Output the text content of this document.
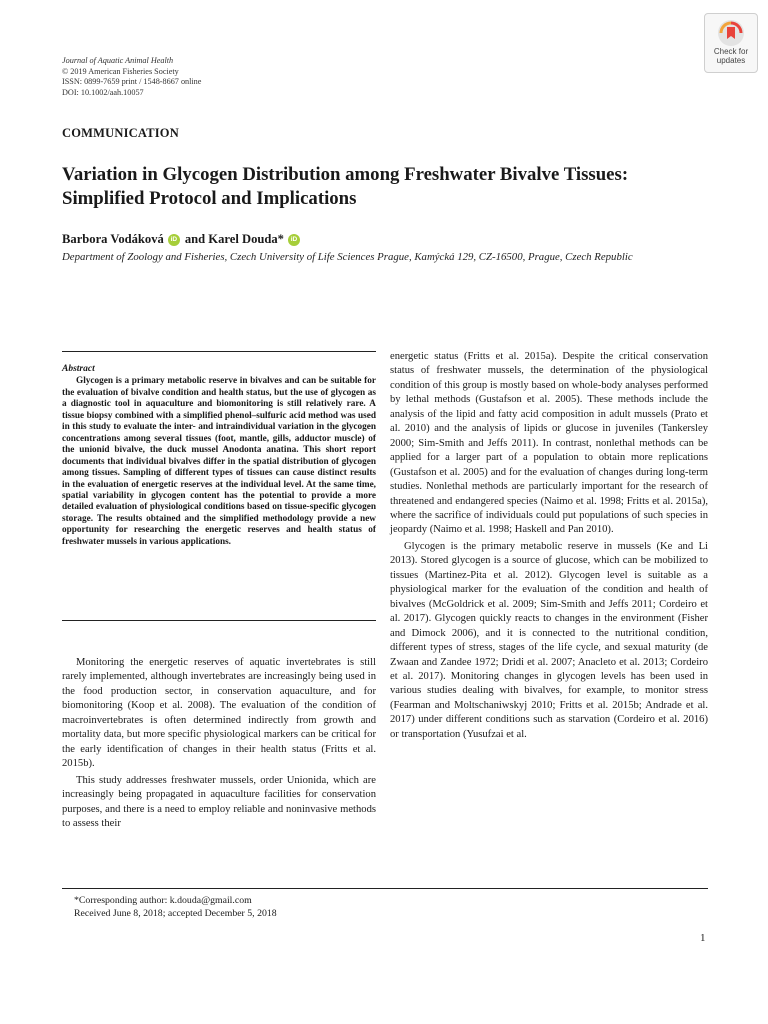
Journal of Aquatic Animal Health
© 2019 American Fisheries Society
ISSN: 0899-7659 print / 1548-8667 online
DOI: 10.1002/aah.10057
Check for
updates
COMMUNICATION
Variation in Glycogen Distribution among Freshwater Bivalve Tissues: Simplified Protocol and Implications
Barbora Vodáková	iD and Karel Douda*	iD
Department of Zoology and Fisheries, Czech University of Life Sciences Prague, Kamýcká 129, CZ-16500, Prague, Czech Republic
Abstract

Glycogen is a primary metabolic reserve in bivalves and can be suitable for the evaluation of bivalve condition and health status, but the use of glycogen as a diagnostic tool in aquaculture and biomonitoring is still relatively rare. A tissue biopsy combined with a simplified phenol–sulfuric acid method was used in this study to evaluate the inter- and intraindividual variation in the glycogen concentrations among several tissues (foot, mantle, gills, adductor muscle) of the unionid bivalve, the duck mussel Anodonta anatina. This short report documents that individual bivalves differ in the spatial distribution of glycogen among tissues. Sampling of different types of tissues can cause distinct results in the evaluation of energetic reserves at the individual level. At the same time, spatial variability in glycogen content has the potential to provide a more detailed evaluation of physiological conditions based on tissue-specific glycogen storage. The results obtained and the simplified methodology provide a new opportunity for researching the energetic reserves and health status of freshwater mussels in various applications.

Monitoring the energetic reserves of aquatic invertebrates is still rarely implemented, although invertebrates are increasingly being used in the food production sector, in conservation aquaculture, and for biomonitoring (Koop et al. 2008). The evaluation of the condition of macroinvertebrates is often determined indirectly from growth and mortality data, but more specific physiological markers can be critical for the early identification of changes in their health status (Fritts et al. 2015b).

This study addresses freshwater mussels, order Unionida, which are increasingly being propagated in aquaculture facilities for conservation purposes, and there is a need to employ reliable and noninvasive methods to assess their

energetic status (Fritts et al. 2015a). Despite the critical conservation status of freshwater mussels, the determination of the physiological condition of this group is mostly based on whole-body analyses performed by lethal methods (Gustafson et al. 2005). These methods include the analysis of the lipid and fatty acid composition in adult mussels (Prato et al. 2010) and the analysis of lipids or glucose in juveniles (Tankersley 2000; Sim-Smith and Jeffs 2011). In contrast, nonlethal methods can be applied for a larger part of a population to obtain more replications (Gustafson et al. 2005) and for the evaluation of changes during long-term studies. Nonlethal methods are particularly important for the research of threatened and endangered species (Naimo et al. 1998; Fritts et al. 2015a), where the sacrifice of individuals could put populations of such species in jeopardy (Naimo et al. 1998; Haskell and Pan 2010).

Glycogen is the primary metabolic reserve in mussels (Ke and Li 2013). Stored glycogen is a source of glucose, which can be mobilized to tissues (Martinez-Pita et al. 2012). Glycogen level is suitable as a physiological marker for the evaluation of the condition and health of bivalves (McGoldrick et al. 2009; Sim-Smith and Jeffs 2011; Cordeiro et al. 2017). Glycogen quickly reacts to changes in the environment (Fisher and Dimock 2006), and it is connected to the nutritional condition, different types of stress, stages of the life cycle, and sexual maturity (de Zwaan and Zandee 1972; Dridi et al. 2007; Anacleto et al. 2013; Cordeiro et al. 2017). Monitoring changes in glycogen levels has been used in various studies dealing with bivalves, for example, to monitor stress (Fearman and Moltschaniwskyj 2010; Fritts et al. 2015b; Andrade et al. 2017) under different conditions such as starvation (Cordeiro et al. 2016) or transportation (Yusufzai et al.

*Corresponding author: k.douda@gmail.com
Received June 8, 2018; accepted December 5, 2018
1
